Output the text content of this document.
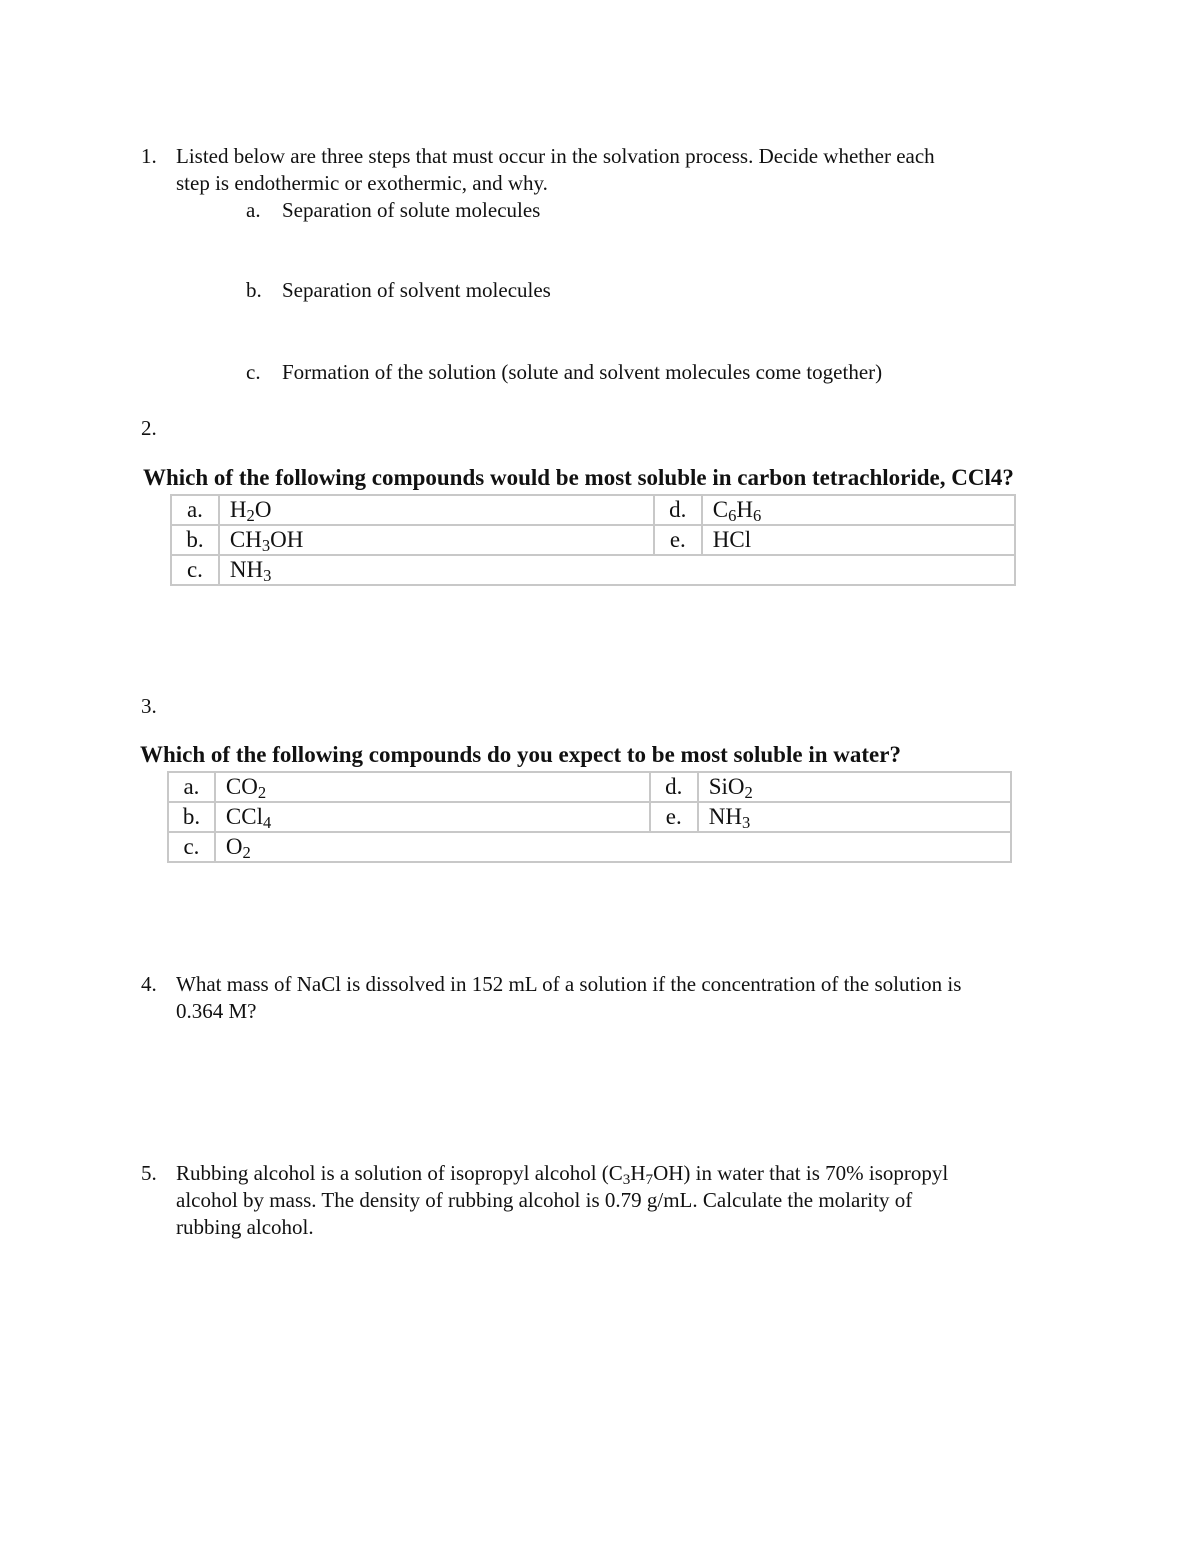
1. Listed below are three steps that must occur in the solvation process. Decide whether each
step is endothermic or exothermic, and why.
a. Separation of solute molecules
b. Separation of solvent molecules
c. Formation of the solution (solute and solvent molecules come together)
2.
Which of the following compounds would be most soluble in carbon tetrachloride, CCl4?
a.	$H_2O$	d.	$C_6H_6$
b.	$CH_3OH$	e.	HCl
c.	$NH_3$
3.
Which of the following compounds do you expect to be most soluble in water?
a.	$CO_2$	d.	SiO$_2$
b.	CCl$_4$	e.	$NH_3$
c.	$O_2$
4. What mass of NaCl is dissolved in 152 mL of a solution if the concentration of the solution is
0.364 M?
5. Rubbing alcohol is a solution of isopropyl alcohol $(C_3H_7OH)$ in water that is 70% isopropyl
alcohol by mass. The density of rubbing alcohol is 0.79 g/mL. Calculate the molarity of
rubbing alcohol.
